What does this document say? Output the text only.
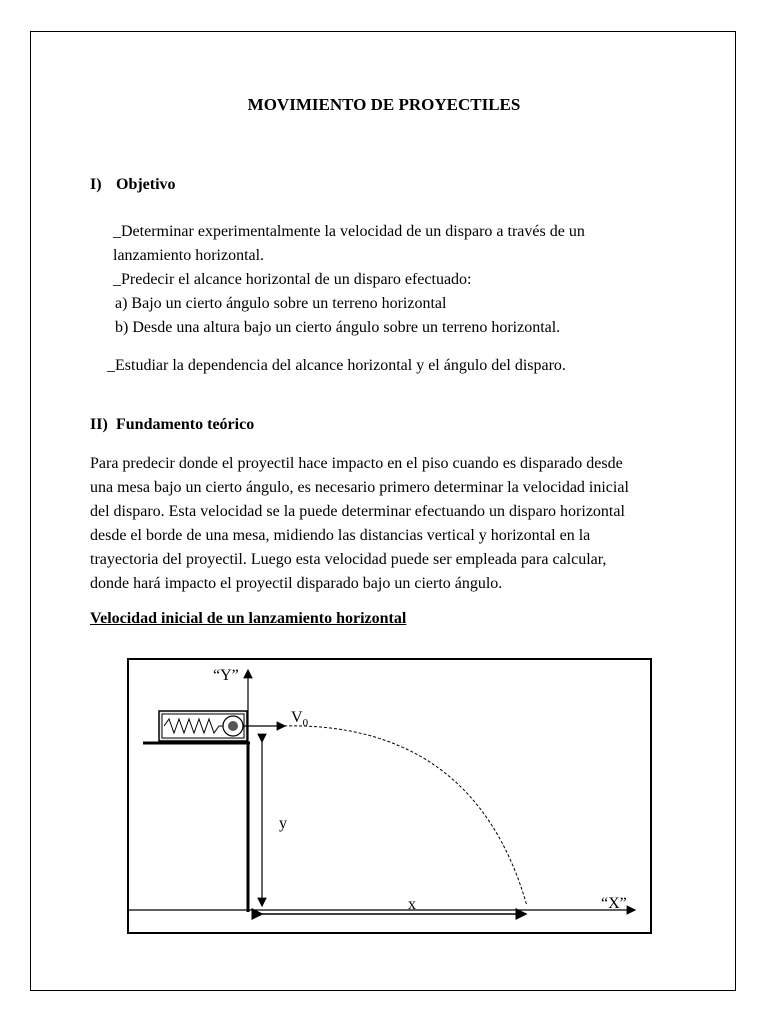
MOVIMIENTO DE PROYECTILES
I) Objetivo

_Determinar experimentalmente la velocidad de un disparo a través de un

lanzamiento horizontal.

_Predecir el alcance horizontal de un disparo efectuado:

a) Bajo un cierto ángulo sobre un terreno horizontal

b) Desde una altura bajo un cierto ángulo sobre un terreno horizontal.

_Estudiar la dependencia del alcance horizontal y el ángulo del disparo.

II) Fundamento teórico

Para predecir donde el proyectil hace impacto en el piso cuando es disparado desde

una mesa bajo un cierto ángulo, es necesario primero determinar la velocidad inicial

del disparo. Esta velocidad se la puede determinar efectuando un disparo horizontal

desde el borde de una mesa, midiendo las distancias vertical y horizontal en la

trayectoria del proyectil. Luego esta velocidad puede ser empleada para calcular,

donde hará impacto el proyectil disparado bajo un cierto ángulo.

Velocidad inicial de un lanzamiento horizontal

“Y”

“X”

$V_0$

y

x
